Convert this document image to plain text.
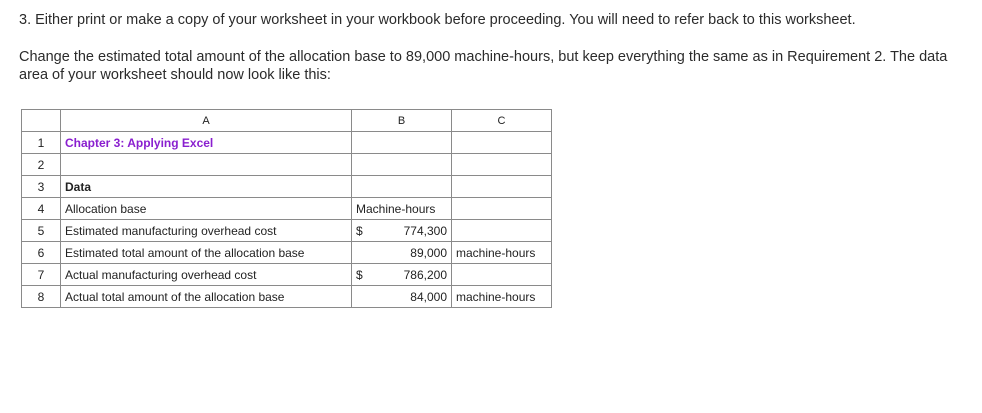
3. Either print or make a copy of your worksheet in your workbook before proceeding. You will need to refer back to this worksheet.

Change the estimated total amount of the allocation base to 89,000 machine-hours, but keep everything the same as in Requirement 2. The data area of your worksheet should now look like this:

	A	B	C
1	Chapter 3: Applying Excel		
2			
3	Data		
4	Allocation base	Machine-hours	
5	Estimated manufacturing overhead cost	$ 774,300	

6	Estimated total amount of the allocation base	89,000	machine-hours
7	Actual manufacturing overhead cost	$ 786,200	

8	Actual total amount of the allocation base	84,000	machine-hours
